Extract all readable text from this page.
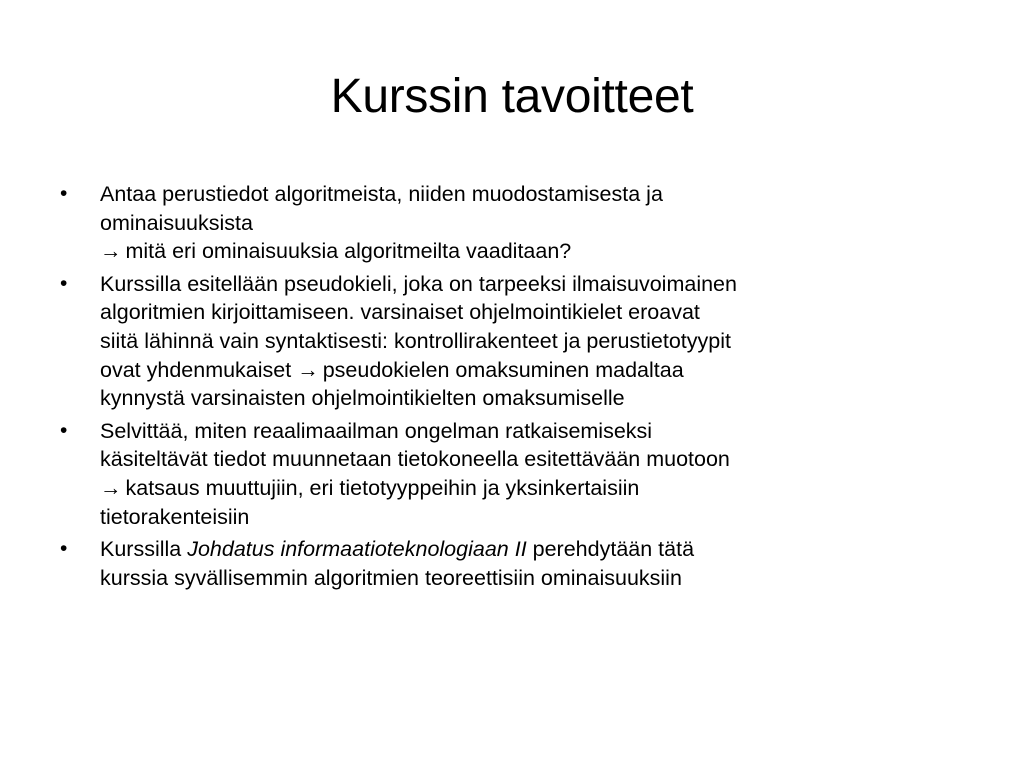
Kurssin tavoitteet
•	Antaa perustiedot algoritmeista, niiden muodostamisesta ja
ominaisuuksista
→ mitä eri ominaisuuksia algoritmeilta vaaditaan?
•	Kurssilla esitellään pseudokieli, joka on tarpeeksi ilmaisuvoimainen
algoritmien kirjoittamiseen. varsinaiset ohjelmointikielet eroavat
siitä lähinnä vain syntaktisesti: kontrollirakenteet ja perustietotyypit
ovat yhdenmukaiset → pseudokielen omaksuminen madaltaa
kynnystä varsinaisten ohjelmointikielten omaksumiselle
•	Selvittää, miten reaalimaailman ongelman ratkaisemiseksi
käsiteltävät tiedot muunnetaan tietokoneella esitettävään muotoon
→ katsaus muuttujiin, eri tietotyyppeihin ja yksinkertaisiin
tietorakenteisiin
•	Kurssilla Johdatus informaatioteknologiaan II perehdytään tätä
kurssia syvällisemmin algoritmien teoreettisiin ominaisuuksiin
